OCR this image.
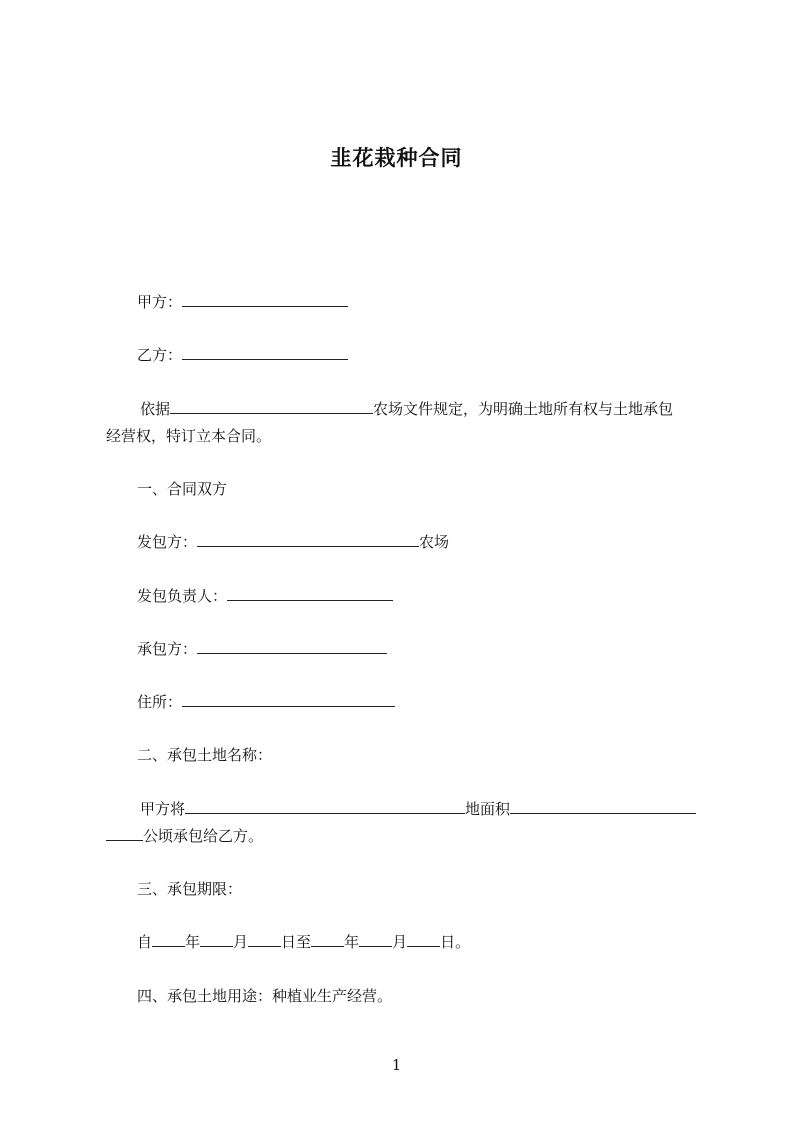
韭花栽种合同
甲方：
乙方：
依据	农场文件规定，为明确土地所有权与土地承包
经营权，特订立本合同。
一、合同双方
发包方：	农场
发包负责人：
承包方：
住所：
二、承包土地名称：
甲方将	地面积
公顷承包给乙方。
三、承包期限：
自 年 月 日至 年 月 日。
四、承包土地用途：种植业生产经营。
1
